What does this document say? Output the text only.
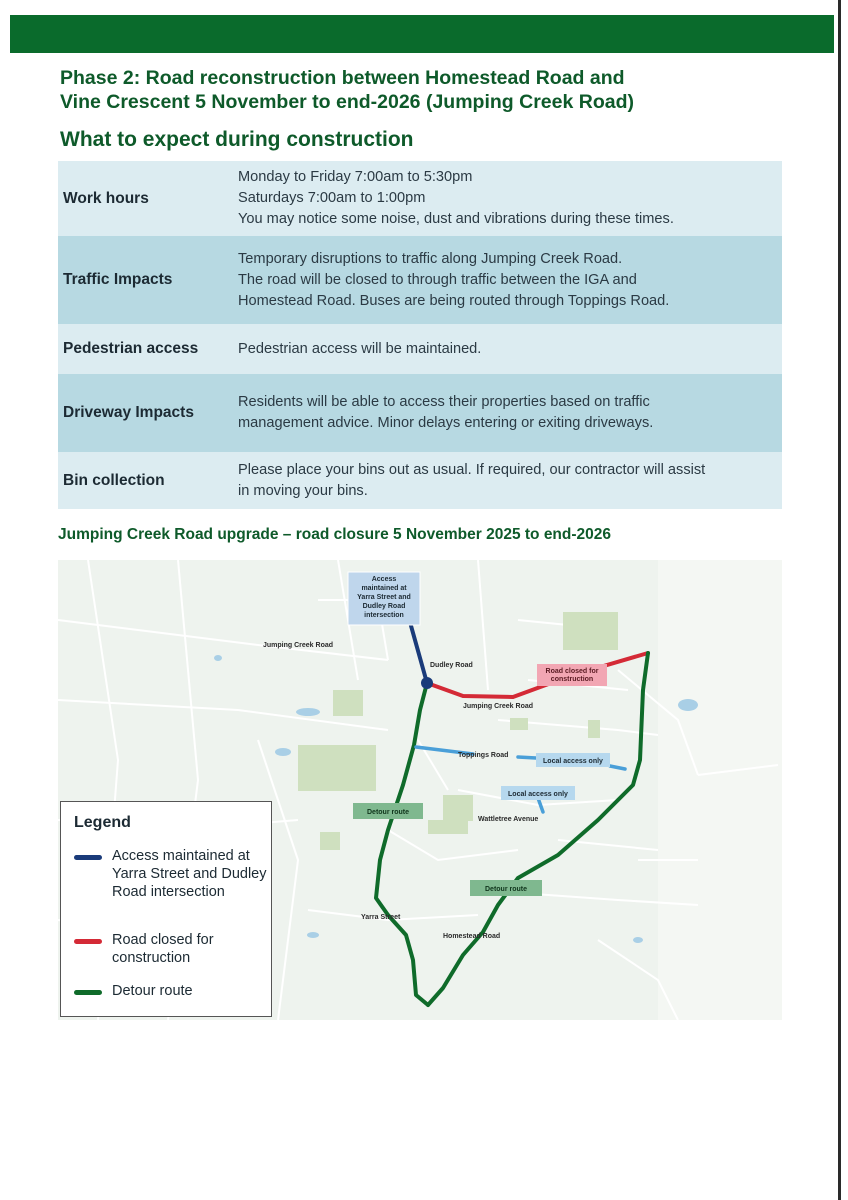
Phase 2: Road reconstruction between Homestead Road and
Vine Crescent 5 November to end-2026 (Jumping Creek Road)
What to expect during construction
Work hours
Monday to Friday 7:00am to 5:30pm
Saturdays 7:00am to 1:00pm
You may notice some noise, dust and vibrations during these times.
Traffic Impacts
Temporary disruptions to traffic along Jumping Creek Road.
The road will be closed to through traffic between the IGA and
Homestead Road. Buses are being routed through Toppings Road.
Pedestrian access	Pedestrian access will be maintained.
Driveway Impacts
Residents will be able to access their properties based on traffic
management advice. Minor delays entering or exiting driveways.
Bin collection
Please place your bins out as usual. If required, our contractor will assist
in moving your bins.
Jumping Creek Road upgrade – road closure 5 November 2025 to end-2026
Access
maintained at
Yarra Street and
Dudley Road
intersection
Road closed for
construction
Detour route
Detour route
Local access only
Local access only
Jumping Creek Road
Dudley Road
Jumping Creek Road
Toppings Road
Wattletree Avenue
Yarra Street
Homestead Road
Legend
Access maintained at Yarra Street and Dudley Road intersection
Road closed for construction
Detour route
